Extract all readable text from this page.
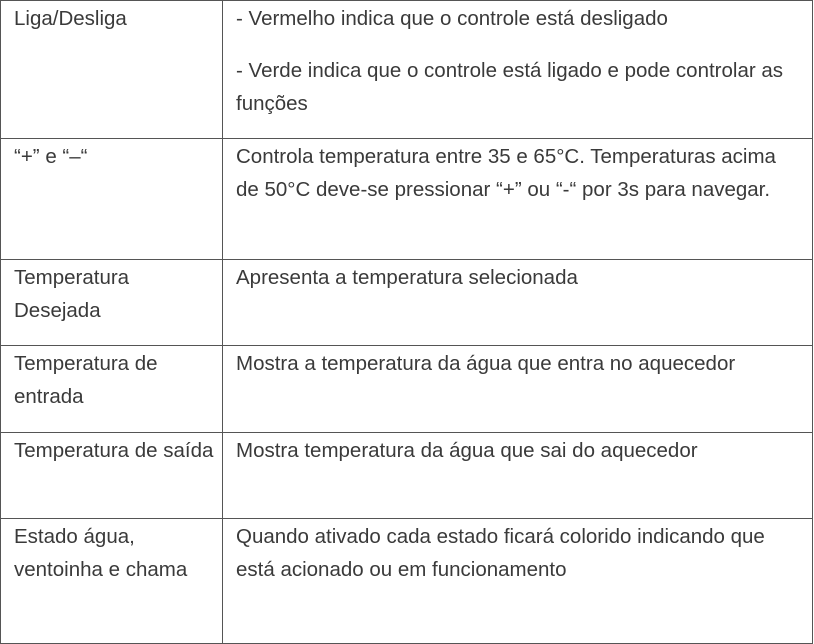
Liga/Desliga	- Vermelho indica que o controle está desligado

- Verde indica que o controle está ligado e pode controlar as funções

“+” e “–“	Controla temperatura entre 35 e 65°C. Temperaturas acima de 50°C deve-se pressionar “+” ou “-“ por 3s para navegar.

Temperatura Desejada	Apresenta a temperatura selecionada

Temperatura de entrada	Mostra a temperatura da água que entra no aquecedor

Temperatura de saída	Mostra temperatura da água que sai do aquecedor

Estado água, ventoinha e chama	Quando ativado cada estado ficará colorido indicando que está acionado ou em funcionamento
